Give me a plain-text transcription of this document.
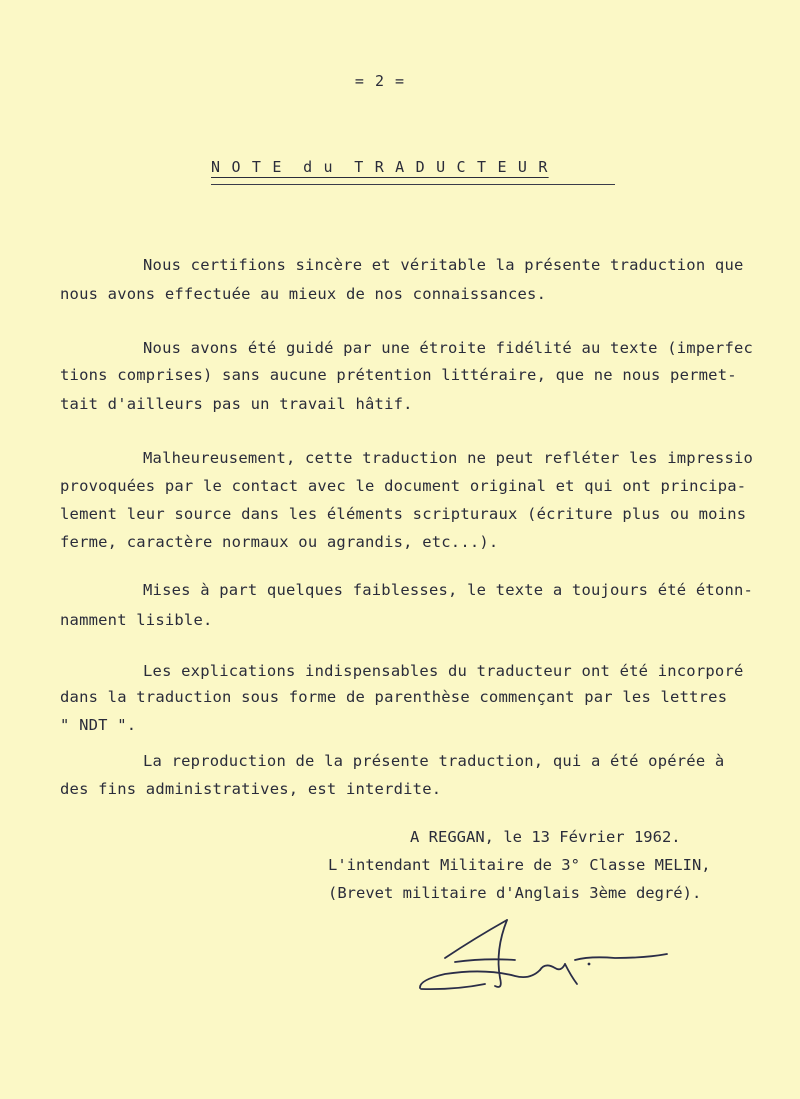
= 2 =
N O T E  d u  T R A D U C T E U R
Nous certifions sincère et véritable la présente traduction que
nous avons effectuée au mieux de nos connaissances.
Nous avons été guidé par une étroite fidélité au texte (imperfec
tions comprises) sans aucune prétention littéraire, que ne nous permet-
tait d'ailleurs pas un travail hâtif.
Malheureusement, cette traduction ne peut refléter les impressio
provoquées par le contact avec le document original et qui ont principa-
lement leur source dans les éléments scripturaux (écriture plus ou moins
ferme, caractère normaux ou agrandis, etc...).
Mises à part quelques faiblesses, le texte a toujours été étonn-
namment lisible.
Les explications indispensables du traducteur ont été incorporé
dans la traduction sous forme de parenthèse commençant par les lettres
" NDT ".
La reproduction de la présente traduction, qui a été opérée à
des fins administratives, est interdite.
A REGGAN, le 13 Février 1962.
L'intendant Militaire de 3° Classe MELIN,
(Brevet militaire d'Anglais 3ème degré).
